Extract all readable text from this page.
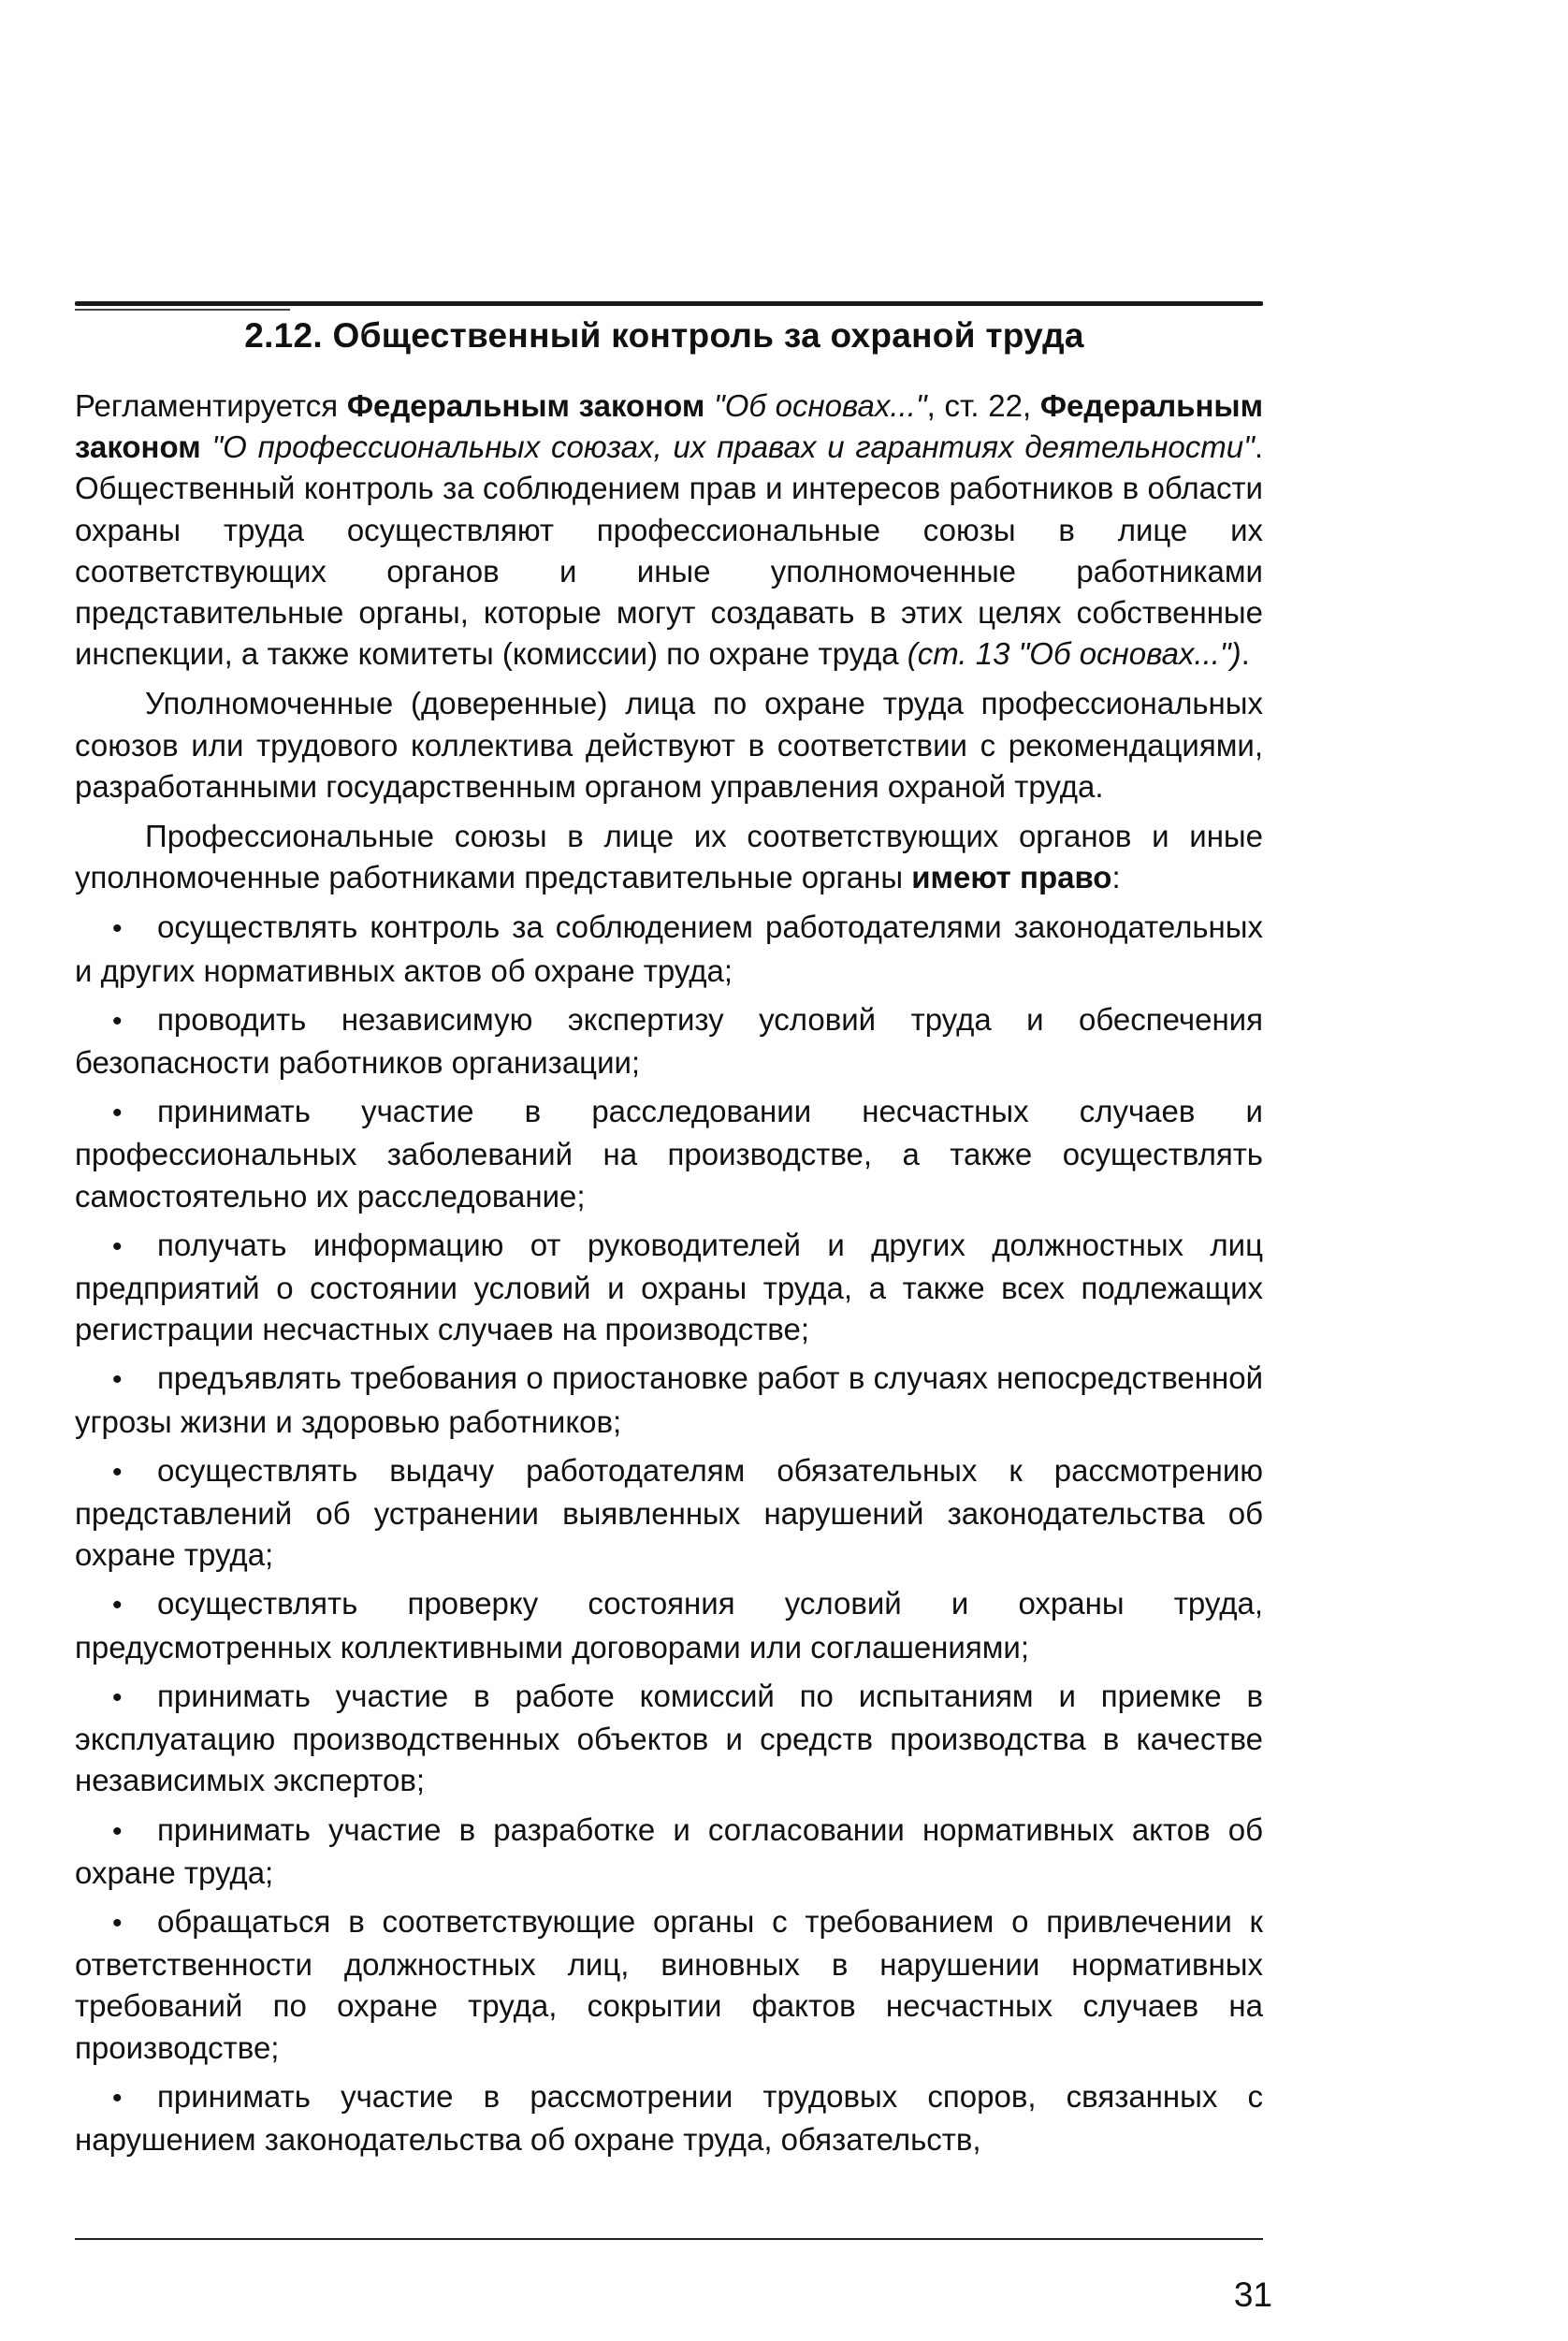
2.12. Общественный контроль за охраной труда

Регламентируется Федеральным законом "Об основах...", ст. 22, Федеральным законом "О профессиональных союзах, их правах и гарантиях деятельности". Общественный контроль за соблюдением прав и интересов работников в области охраны труда осуществляют профессиональные союзы в лице их соответствующих органов и иные уполномоченные работниками представительные органы, которые могут создавать в этих целях собственные инспекции, а также комитеты (комиссии) по охране труда (ст. 13 "Об основах...").

Уполномоченные (доверенные) лица по охране труда профессиональных союзов или трудового коллектива действуют в соответствии с рекомендациями, разработанными государственным органом управления охраной труда.

Профессиональные союзы в лице их соответствующих органов и иные уполномоченные работниками представительные органы имеют право:

• осуществлять контроль за соблюдением работодателями законодательных и других нормативных актов об охране труда;
• проводить независимую экспертизу условий труда и обеспечения безопасности работников организации;
• принимать участие в расследовании несчастных случаев и профессиональных заболеваний на производстве, а также осуществлять самостоятельно их расследование;
• получать информацию от руководителей и других должностных лиц предприятий о состоянии условий и охраны труда, а также всех подлежащих регистрации несчастных случаев на производстве;
• предъявлять требования о приостановке работ в случаях непосредственной угрозы жизни и здоровью работников;
• осуществлять выдачу работодателям обязательных к рассмотрению представлений об устранении выявленных нарушений законодательства об охране труда;
• осуществлять проверку состояния условий и охраны труда, предусмотренных коллективными договорами или соглашениями;
• принимать участие в работе комиссий по испытаниям и приемке в эксплуатацию производственных объектов и средств производства в качестве независимых экспертов;
• принимать участие в разработке и согласовании нормативных актов об охране труда;
• обращаться в соответствующие органы с требованием о привлечении к ответственности должностных лиц, виновных в нарушении нормативных требований по охране труда, сокрытии фактов несчастных случаев на производстве;
• принимать участие в рассмотрении трудовых споров, связанных с нарушением законодательства об охране труда, обязательств,
31
